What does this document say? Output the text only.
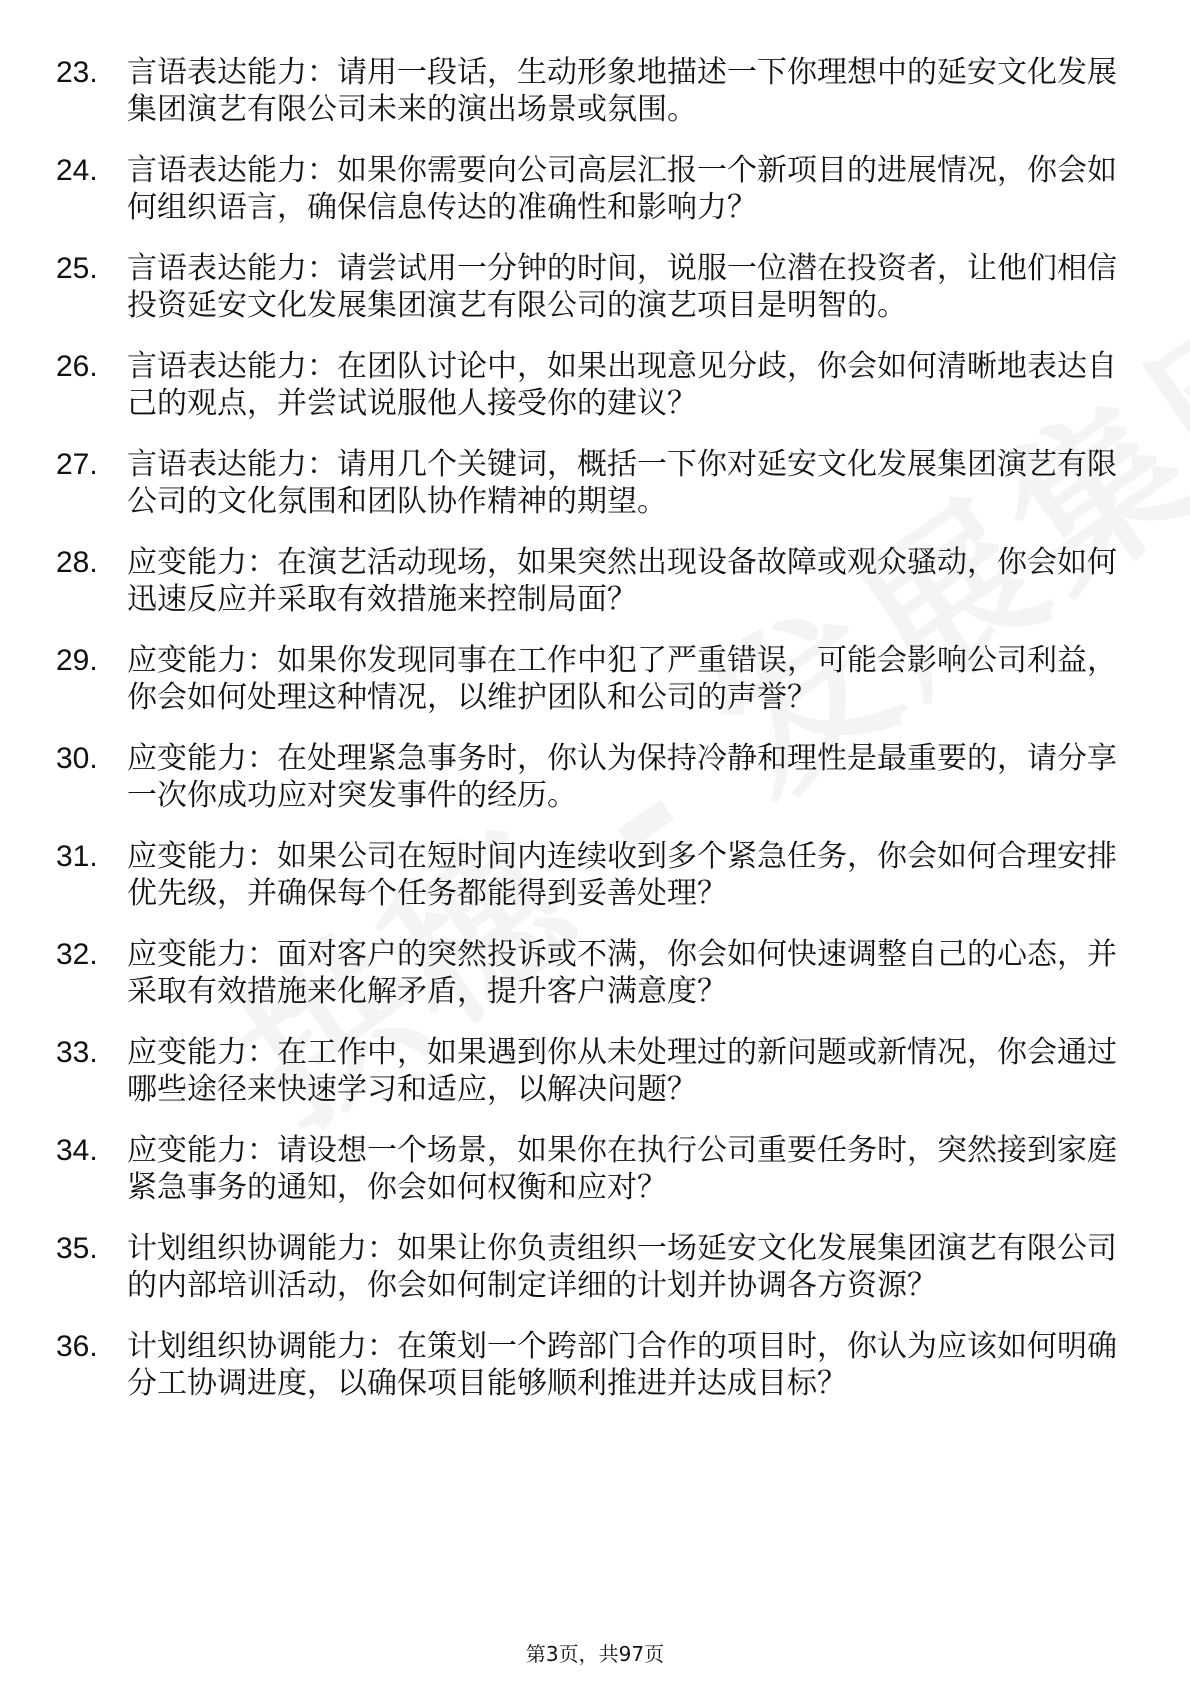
23. 言语表达能力：请用一段话，生动形象地描述一下你理想中的延安文化发展集团演艺有限公司未来的演出场景或氛围。
24. 言语表达能力：如果你需要向公司高层汇报一个新项目的进展情况，你会如何组织语言，确保信息传达的准确性和影响力？
25. 言语表达能力：请尝试用一分钟的时间，说服一位潜在投资者，让他们相信投资延安文化发展集团演艺有限公司的演艺项目是明智的。
26. 言语表达能力：在团队讨论中，如果出现意见分歧，你会如何清晰地表达自己的观点，并尝试说服他人接受你的建议？
27. 言语表达能力：请用几个关键词，概括一下你对延安文化发展集团演艺有限公司的文化氛围和团队协作精神的期望。
28. 应变能力：在演艺活动现场，如果突然出现设备故障或观众骚动，你会如何迅速反应并采取有效措施来控制局面？
29. 应变能力：如果你发现同事在工作中犯了严重错误，可能会影响公司利益，你会如何处理这种情况，以维护团队和公司的声誉？
30. 应变能力：在处理紧急事务时，你认为保持冷静和理性是最重要的，请分享一次你成功应对突发事件的经历。
31. 应变能力：如果公司在短时间内连续收到多个紧急任务，你会如何合理安排优先级，并确保每个任务都能得到妥善处理？
32. 应变能力：面对客户的突然投诉或不满，你会如何快速调整自己的心态，并采取有效措施来化解矛盾，提升客户满意度？
33. 应变能力：在工作中，如果遇到你从未处理过的新问题或新情况，你会通过哪些途径来快速学习和适应，以解决问题？
34. 应变能力：请设想一个场景，如果你在执行公司重要任务时，突然接到家庭紧急事务的通知，你会如何权衡和应对？
35. 计划组织协调能力：如果让你负责组织一场延安文化发展集团演艺有限公司的内部培训活动，你会如何制定详细的计划并协调各方资源？
36. 计划组织协调能力：在策划一个跨部门合作的项目时，你认为应该如何明确分工协调进度，以确保项目能够顺利推进并达成目标？
第3页，共97页
